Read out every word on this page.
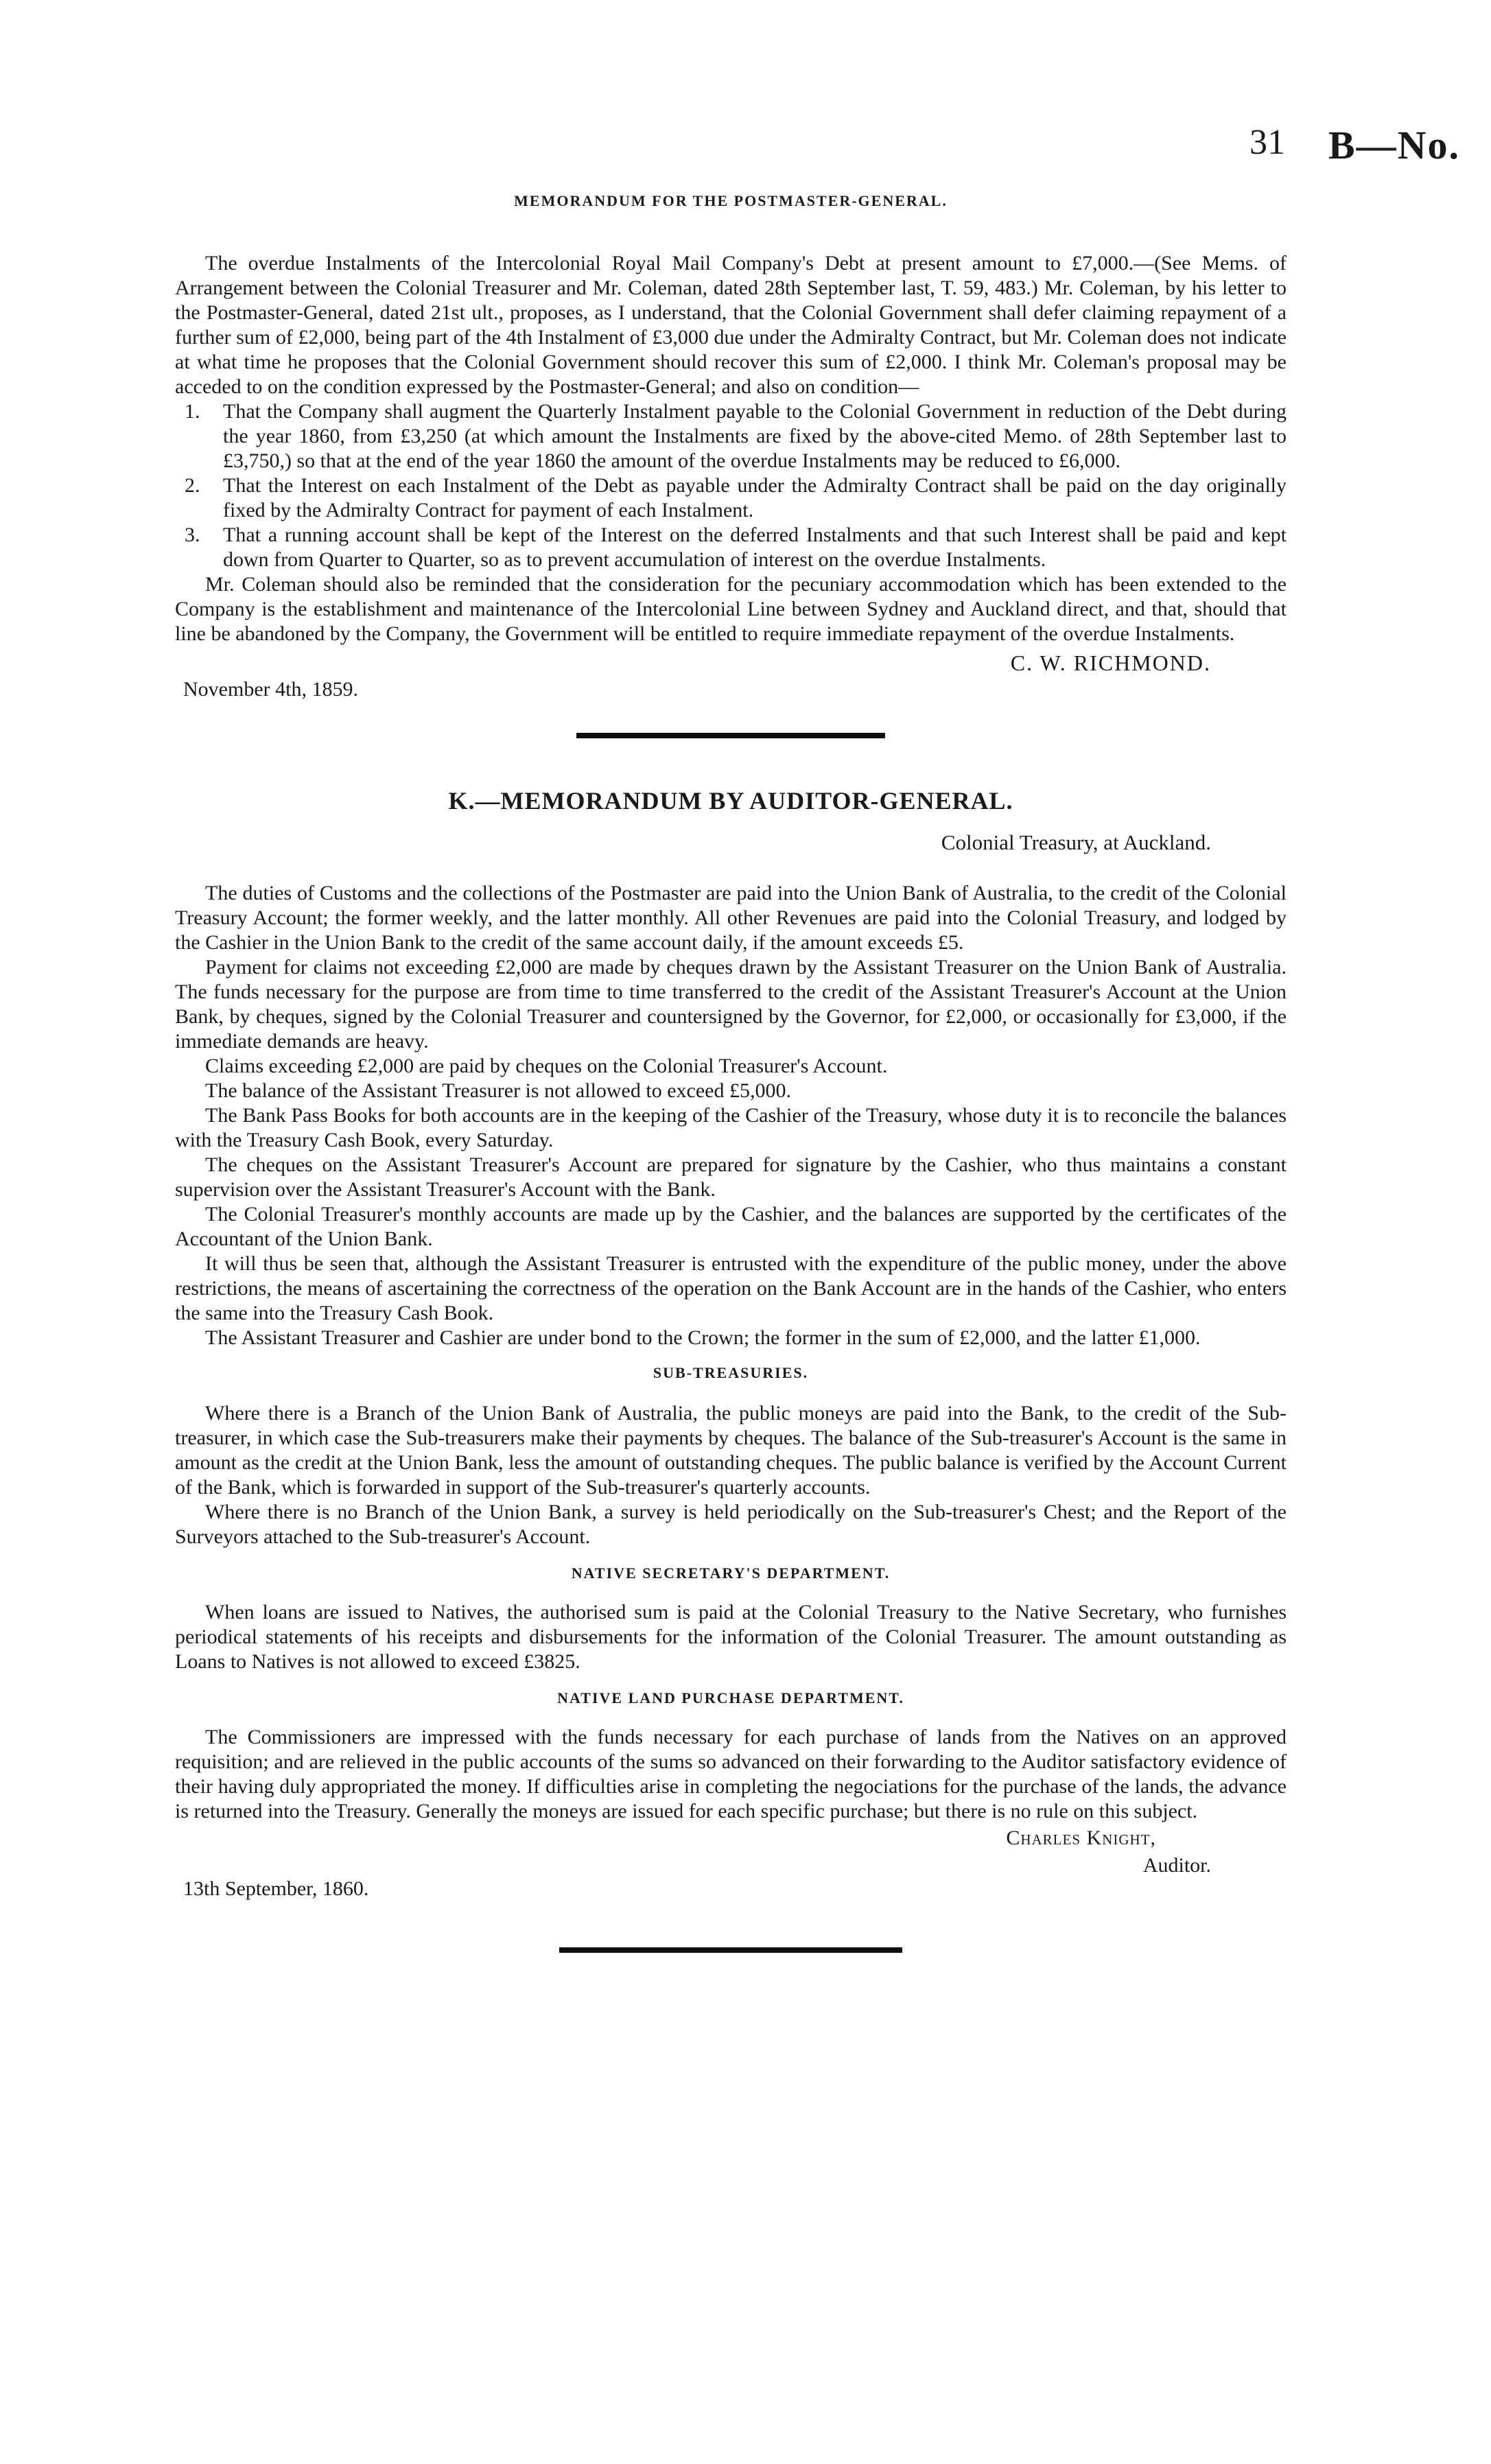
31 B—No.
MEMORANDUM FOR THE POSTMASTER-GENERAL.

The overdue Instalments of the Intercolonial Royal Mail Company's Debt at present amount to £7,000.—(See Mems. of Arrangement between the Colonial Treasurer and Mr. Coleman, dated 28th September last, T. 59, 483.) Mr. Coleman, by his letter to the Postmaster-General, dated 21st ult., proposes, as I understand, that the Colonial Government shall defer claiming repayment of a further sum of £2,000, being part of the 4th Instalment of £3,000 due under the Admiralty Contract, but Mr. Coleman does not indicate at what time he proposes that the Colonial Government should recover this sum of £2,000. I think Mr. Coleman's proposal may be acceded to on the condition expressed by the Postmaster-General; and also on condition—

1. That the Company shall augment the Quarterly Instalment payable to the Colonial Government in reduction of the Debt during the year 1860, from £3,250 (at which amount the Instalments are fixed by the above-cited Memo. of 28th September last to £3,750,) so that at the end of the year 1860 the amount of the overdue Instalments may be reduced to £6,000.
2. That the Interest on each Instalment of the Debt as payable under the Admiralty Contract shall be paid on the day originally fixed by the Admiralty Contract for payment of each Instalment.
3. That a running account shall be kept of the Interest on the deferred Instalments and that such Interest shall be paid and kept down from Quarter to Quarter, so as to prevent accumulation of interest on the overdue Instalments.

Mr. Coleman should also be reminded that the consideration for the pecuniary accommodation which has been extended to the Company is the establishment and maintenance of the Intercolonial Line between Sydney and Auckland direct, and that, should that line be abandoned by the Company, the Government will be entitled to require immediate repayment of the overdue Instalments.

C. W. RICHMOND.
November 4th, 1859.
K.—MEMORANDUM BY AUDITOR-GENERAL.

Colonial Treasury, at Auckland.

The duties of Customs and the collections of the Postmaster are paid into the Union Bank of Australia, to the credit of the Colonial Treasury Account; the former weekly, and the latter monthly. All other Revenues are paid into the Colonial Treasury, and lodged by the Cashier in the Union Bank to the credit of the same account daily, if the amount exceeds £5.

Payment for claims not exceeding £2,000 are made by cheques drawn by the Assistant Treasurer on the Union Bank of Australia. The funds necessary for the purpose are from time to time transferred to the credit of the Assistant Treasurer's Account at the Union Bank, by cheques, signed by the Colonial Treasurer and countersigned by the Governor, for £2,000, or occasionally for £3,000, if the immediate demands are heavy.

Claims exceeding £2,000 are paid by cheques on the Colonial Treasurer's Account.

The balance of the Assistant Treasurer is not allowed to exceed £5,000.

The Bank Pass Books for both accounts are in the keeping of the Cashier of the Treasury, whose duty it is to reconcile the balances with the Treasury Cash Book, every Saturday.

The cheques on the Assistant Treasurer's Account are prepared for signature by the Cashier, who thus maintains a constant supervision over the Assistant Treasurer's Account with the Bank.

The Colonial Treasurer's monthly accounts are made up by the Cashier, and the balances are supported by the certificates of the Accountant of the Union Bank.

It will thus be seen that, although the Assistant Treasurer is entrusted with the expenditure of the public money, under the above restrictions, the means of ascertaining the correctness of the operation on the Bank Account are in the hands of the Cashier, who enters the same into the Treasury Cash Book.

The Assistant Treasurer and Cashier are under bond to the Crown; the former in the sum of £2,000, and the latter £1,000.

SUB-TREASURIES.

Where there is a Branch of the Union Bank of Australia, the public moneys are paid into the Bank, to the credit of the Sub-treasurer, in which case the Sub-treasurers make their payments by cheques. The balance of the Sub-treasurer's Account is the same in amount as the credit at the Union Bank, less the amount of outstanding cheques. The public balance is verified by the Account Current of the Bank, which is forwarded in support of the Sub-treasurer's quarterly accounts.

Where there is no Branch of the Union Bank, a survey is held periodically on the Sub-treasurer's Chest; and the Report of the Surveyors attached to the Sub-treasurer's Account.

NATIVE SECRETARY'S DEPARTMENT.

When loans are issued to Natives, the authorised sum is paid at the Colonial Treasury to the Native Secretary, who furnishes periodical statements of his receipts and disbursements for the information of the Colonial Treasurer. The amount outstanding as Loans to Natives is not allowed to exceed £3825.

NATIVE LAND PURCHASE DEPARTMENT.

The Commissioners are impressed with the funds necessary for each purchase of lands from the Natives on an approved requisition; and are relieved in the public accounts of the sums so advanced on their forwarding to the Auditor satisfactory evidence of their having duly appropriated the money. If difficulties arise in completing the negociations for the purchase of the lands, the advance is returned into the Treasury. Generally the moneys are issued for each specific purchase; but there is no rule on this subject.

Charles Knight,
Auditor.
13th September, 1860.
